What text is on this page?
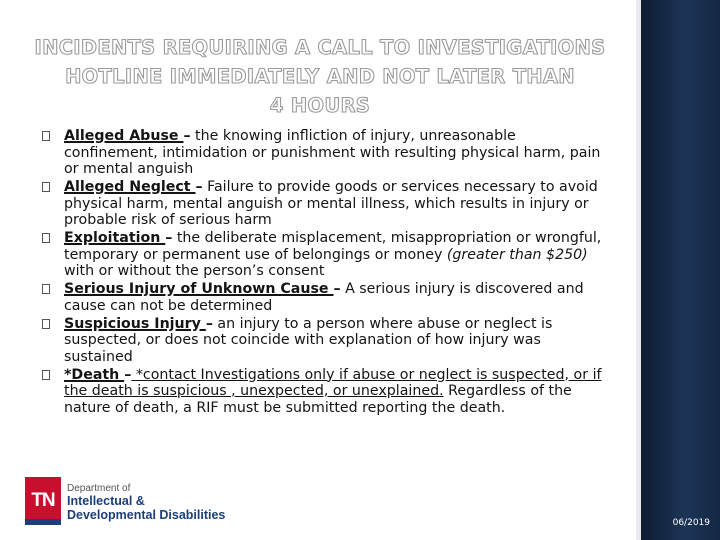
INCIDENTS REQUIRING A CALL TO INVESTIGATIONS
HOTLINE IMMEDIATELY AND NOT LATER THAN
4 HOURS
Alleged Abuse – the knowing infliction of injury, unreasonable confinement, intimidation or punishment with resulting physical harm, pain or mental anguish
Alleged Neglect – Failure to provide goods or services necessary to avoid physical harm, mental anguish or mental illness, which results in injury or probable risk of serious harm
Exploitation – the deliberate misplacement, misappropriation or wrongful, temporary or permanent use of belongings or money (greater than $250) with or without the person’s consent
Serious Injury of Unknown Cause – A serious injury is discovered and cause can not be determined
Suspicious Injury – an injury to a person where abuse or neglect is suspected, or does not coincide with explanation of how injury was sustained
*Death – *contact Investigations only if abuse or neglect is suspected, or if the death is suspicious , unexpected, or unexplained. Regardless of the nature of death, a RIF must be submitted reporting the death.
06/2019
TN
Department of
Intellectual &
Developmental Disabilities
